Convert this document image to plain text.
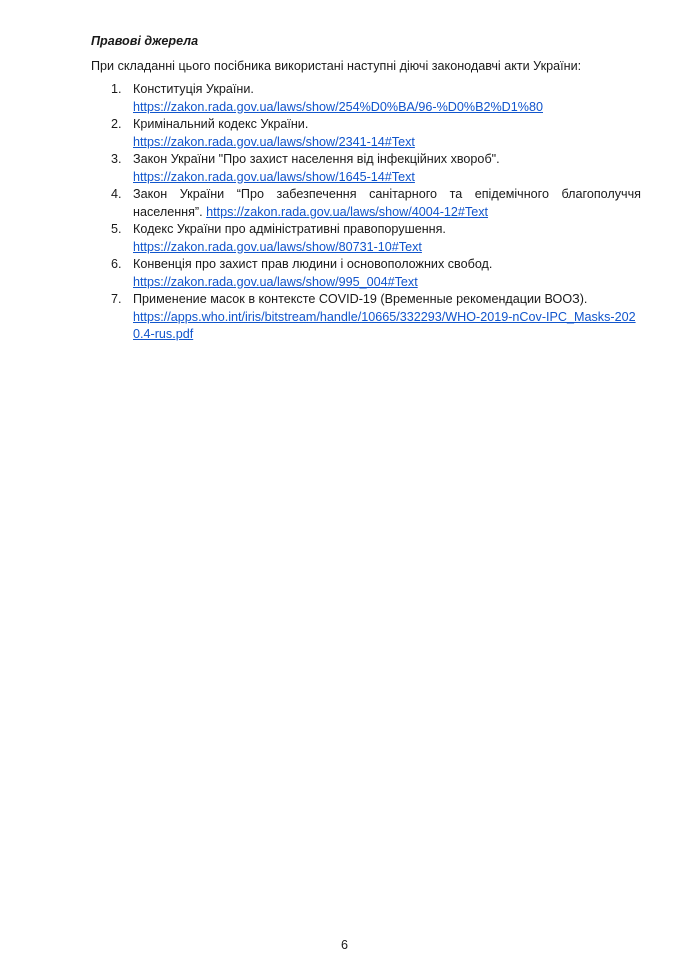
Правові джерела
При складанні цього посібника використані наступні діючі законодавчі акти України:
1. Конституція України.
https://zakon.rada.gov.ua/laws/show/254%D0%BA/96-%D0%B2%D1%80
2. Кримінальний кодекс України.
https://zakon.rada.gov.ua/laws/show/2341-14#Text
3. Закон України "Про захист населення від інфекційних хвороб".
https://zakon.rada.gov.ua/laws/show/1645-14#Text
4. Закон України “Про забезпечення санітарного та епідемічного благополуччя населення”. https://zakon.rada.gov.ua/laws/show/4004-12#Text
5. Кодекс України про адміністративні правопорушення.
https://zakon.rada.gov.ua/laws/show/80731-10#Text
6. Конвенція про захист прав людини і основоположних свобод.
https://zakon.rada.gov.ua/laws/show/995_004#Text
7. Применение масок в контексте COVID-19 (Временные рекомендации ВООЗ).
https://apps.who.int/iris/bitstream/handle/10665/332293/WHO-2019-nCov-IPC_Masks-2020.4-rus.pdf
6
